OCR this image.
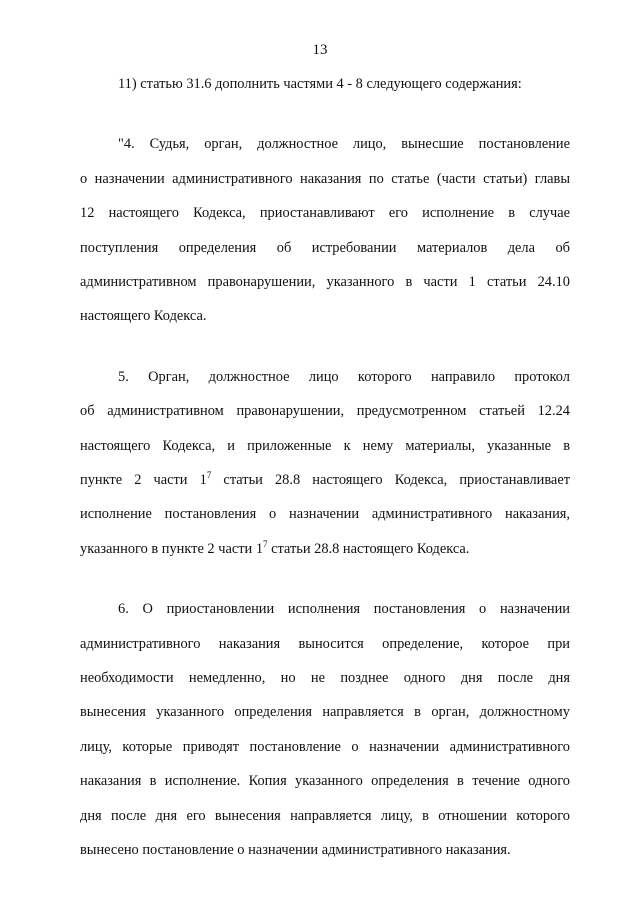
13
11) статью 31.6 дополнить частями 4 - 8 следующего содержания:
"4. Судья, орган, должностное лицо, вынесшие постановление
о назначении административного наказания по статье (части статьи) главы
12 настоящего Кодекса, приостанавливают его исполнение в случае
поступления определения об истребовании материалов дела об
административном правонарушении, указанного в части 1 статьи 24.10
настоящего Кодекса.
5. Орган, должностное лицо которого направило протокол
об административном правонарушении, предусмотренном статьей 12.24
настоящего Кодекса, и приложенные к нему материалы, указанные в
пункте 2 части $1^7$ статьи 28.8 настоящего Кодекса, приостанавливает
исполнение постановления о назначении административного наказания,
указанного в пункте 2 части $1^7$ статьи 28.8 настоящего Кодекса.
6. О приостановлении исполнения постановления о назначении
административного наказания выносится определение, которое при
необходимости немедленно, но не позднее одного дня после дня
вынесения указанного определения направляется в орган, должностному
лицу, которые приводят постановление о назначении административного
наказания в исполнение. Копия указанного определения в течение одного
дня после дня его вынесения направляется лицу, в отношении которого
вынесено постановление о назначении административного наказания.
